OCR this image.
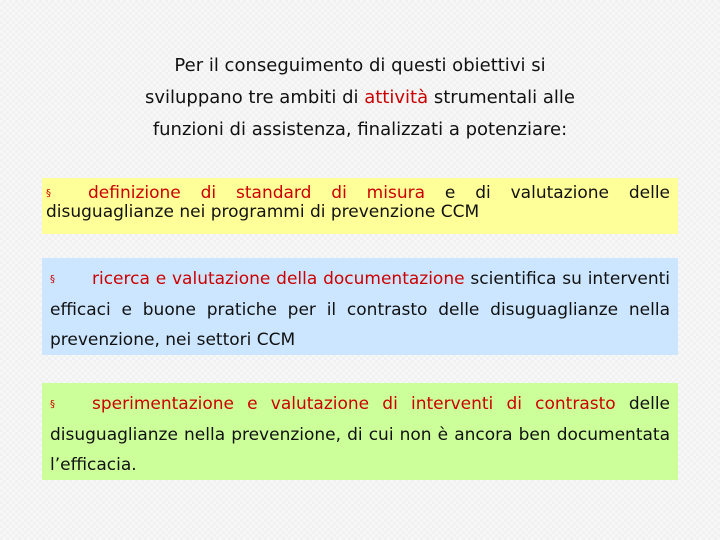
Per il conseguimento di questi obiettivi si
sviluppano tre ambiti di attività strumentali alle
funzioni di assistenza, finalizzati a potenziare:
§ definizione di standard di misura e di valutazione delle disuguaglianze nei programmi di prevenzione CCM
§ ricerca e valutazione della documentazione scientifica su interventi efficaci e buone pratiche per il contrasto delle disuguaglianze nella prevenzione, nei settori CCM
§ sperimentazione e valutazione di interventi di contrasto delle disuguaglianze nella prevenzione, di cui non è ancora ben documentata l’efficacia.
